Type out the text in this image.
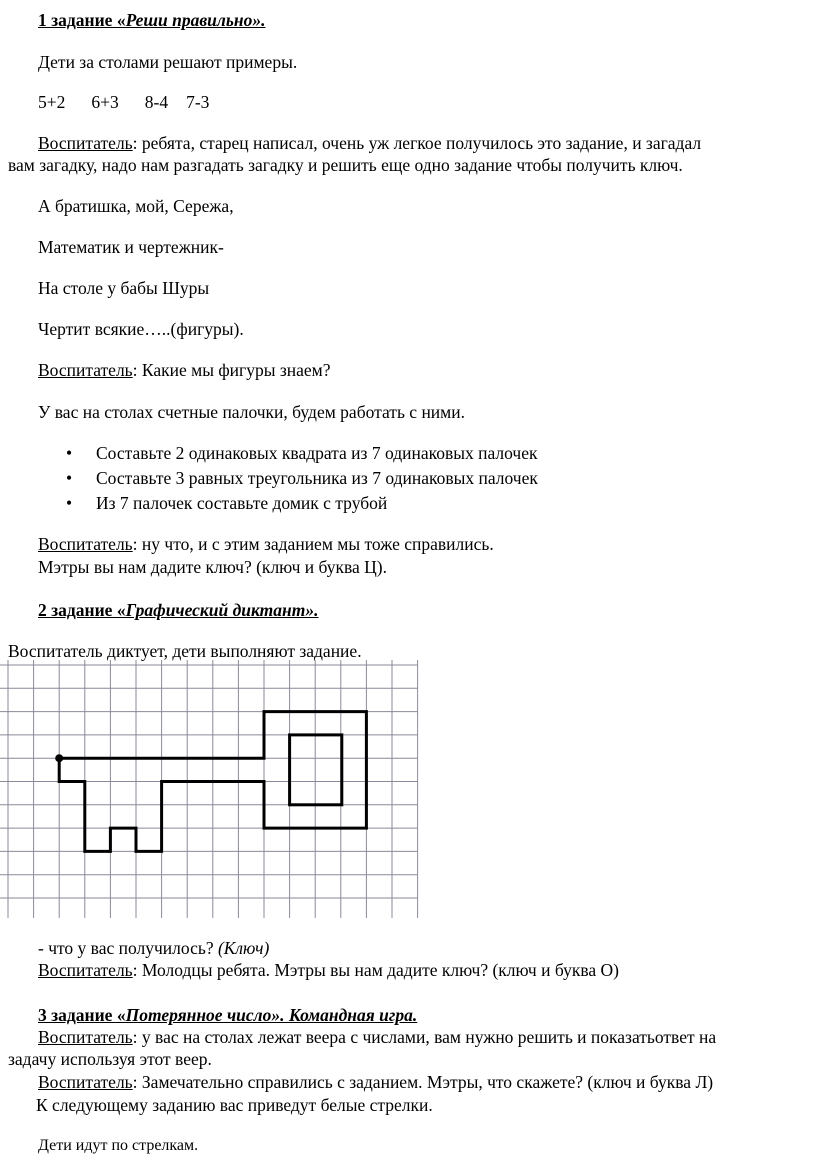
1 задание «Реши правильно».
Дети за столами решают примеры.
5+2 6+3 8-4 7-3
Воспитатель: ребята, старец написал, очень уж легкое получилось это задание, и загадал
вам загадку, надо нам разгадать загадку и решить еще одно задание чтобы получить ключ.
А братишка, мой, Сережа,
Математик и чертежник-
На столе у бабы Шуры
Чертит всякие…..(фигуры).
Воспитатель: Какие мы фигуры знаем?
У вас на столах счетные палочки, будем работать с ними.
• Составьте 2 одинаковых квадрата из 7 одинаковых палочек
• Составьте 3 равных треугольника из 7 одинаковых палочек
• Из 7 палочек составьте домик с трубой
Воспитатель: ну что, и с этим заданием мы тоже справились.
Мэтры вы нам дадите ключ? (ключ и буква Ц).
2 задание «Графический диктант».
Воспитатель диктует, дети выполняют задание.
- что у вас получилось? (Ключ)
Воспитатель: Молодцы ребята. Мэтры вы нам дадите ключ? (ключ и буква О)
3 задание «Потерянное число». Командная игра.
Воспитатель: у вас на столах лежат веера с числами, вам нужно решить и показатьответ на
задачу используя этот веер.
Воспитатель: Замечательно справились с заданием. Мэтры, что скажете? (ключ и буква Л)
К следующему заданию вас приведут белые стрелки.
Дети идут по стрелкам.
